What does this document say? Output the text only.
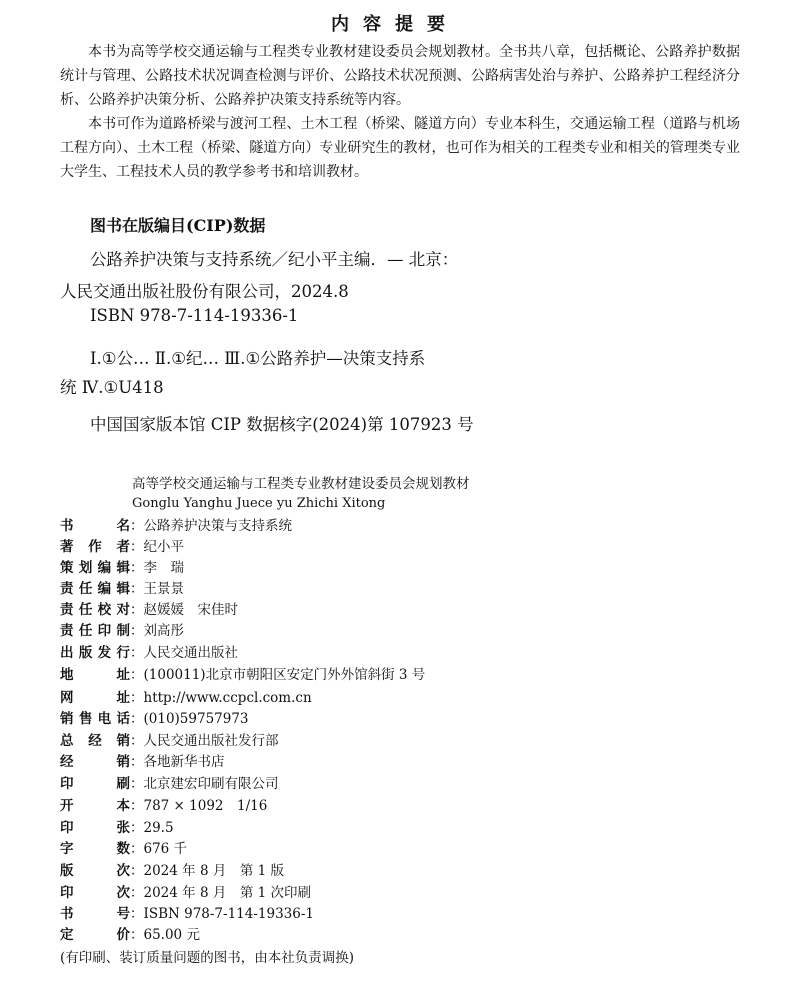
内容提要
本书为高等学校交通运输与工程类专业教材建设委员会规划教材。全书共八章，包括概论、公路养护数据统计与管理、公路技术状况调查检测与评价、公路技术状况预测、公路病害处治与养护、公路养护工程经济分析、公路养护决策分析、公路养护决策支持系统等内容。
本书可作为道路桥梁与渡河工程、土木工程（桥梁、隧道方向）专业本科生，交通运输工程（道路与机场工程方向）、土木工程（桥梁、隧道方向）专业研究生的教材，也可作为相关的工程类专业和相关的管理类专业大学生、工程技术人员的教学参考书和培训教材。
图书在版编目(CIP)数据
公路养护决策与支持系统／纪小平主编．— 北京：
人民交通出版社股份有限公司，2024.8
ISBN 978-7-114-19336-1
Ⅰ.①公… Ⅱ.①纪… Ⅲ.①公路养护—决策支持系
统 Ⅳ.①U418
中国国家版本馆 CIP 数据核字(2024)第 107923 号
高等学校交通运输与工程类专业教材建设委员会规划教材
Gonglu Yanghu Juece yu Zhichi Xitong
书名：公路养护决策与支持系统
著作者：纪小平
策划编辑：李　瑞
责任编辑：王景景
责任校对：赵媛媛　宋佳时
责任印制：刘高彤
出版发行：人民交通出版社
地址：(100011)北京市朝阳区安定门外外馆斜街 3 号
网址：http://www.ccpcl.com.cn
销售电话：(010)59757973
总经销：人民交通出版社发行部
经销：各地新华书店
印刷：北京建宏印刷有限公司
开本：787 × 1092　1/16
印张：29.5
字数：676 千
版次：2024 年 8 月　第 1 版
印次：2024 年 8 月　第 1 次印刷
书号：ISBN 978-7-114-19336-1
定价：65.00 元
(有印刷、装订质量问题的图书，由本社负责调换)
